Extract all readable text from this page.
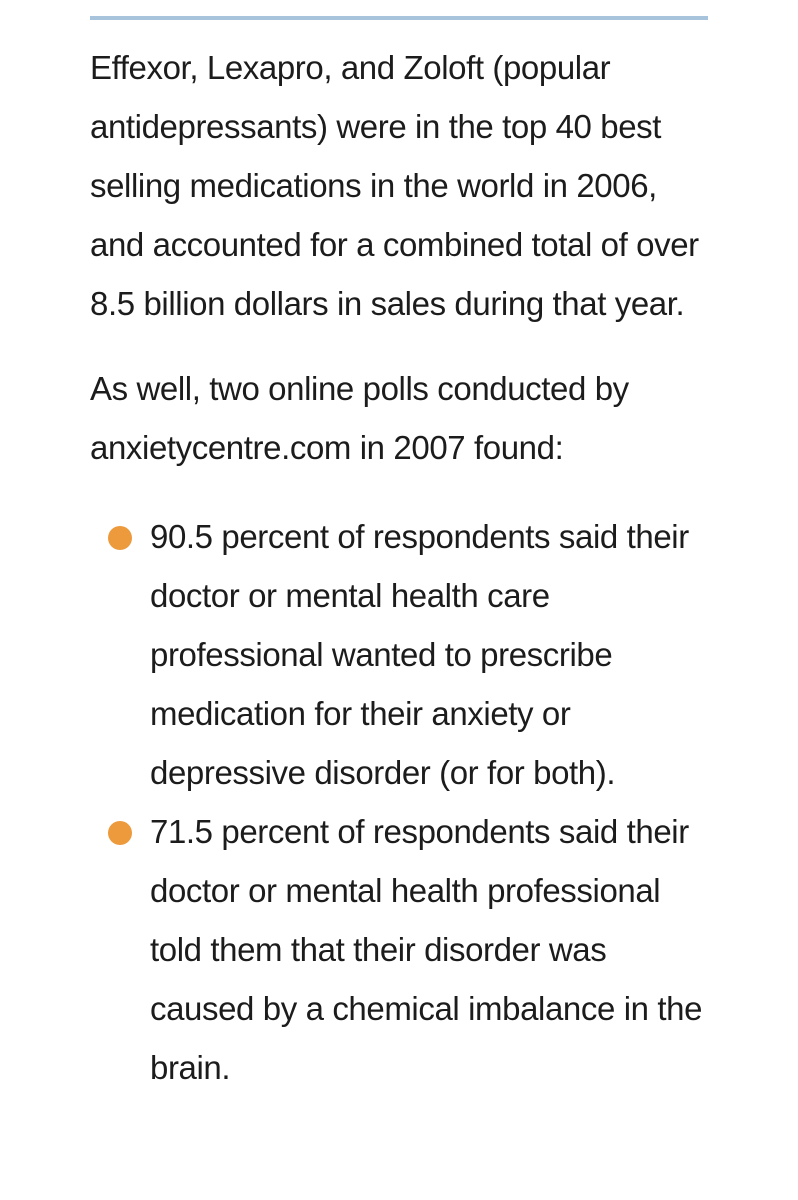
Effexor, Lexapro, and Zoloft (popular antidepressants) were in the top 40 best selling medications in the world in 2006, and accounted for a combined total of over 8.5 billion dollars in sales during that year.

As well, two online polls conducted by anxietycentre.com in 2007 found:

90.5 percent of respondents said their doctor or mental health care professional wanted to prescribe medication for their anxiety or depressive disorder (or for both).
71.5 percent of respondents said their doctor or mental health professional told them that their disorder was caused by a chemical imbalance in the brain.
